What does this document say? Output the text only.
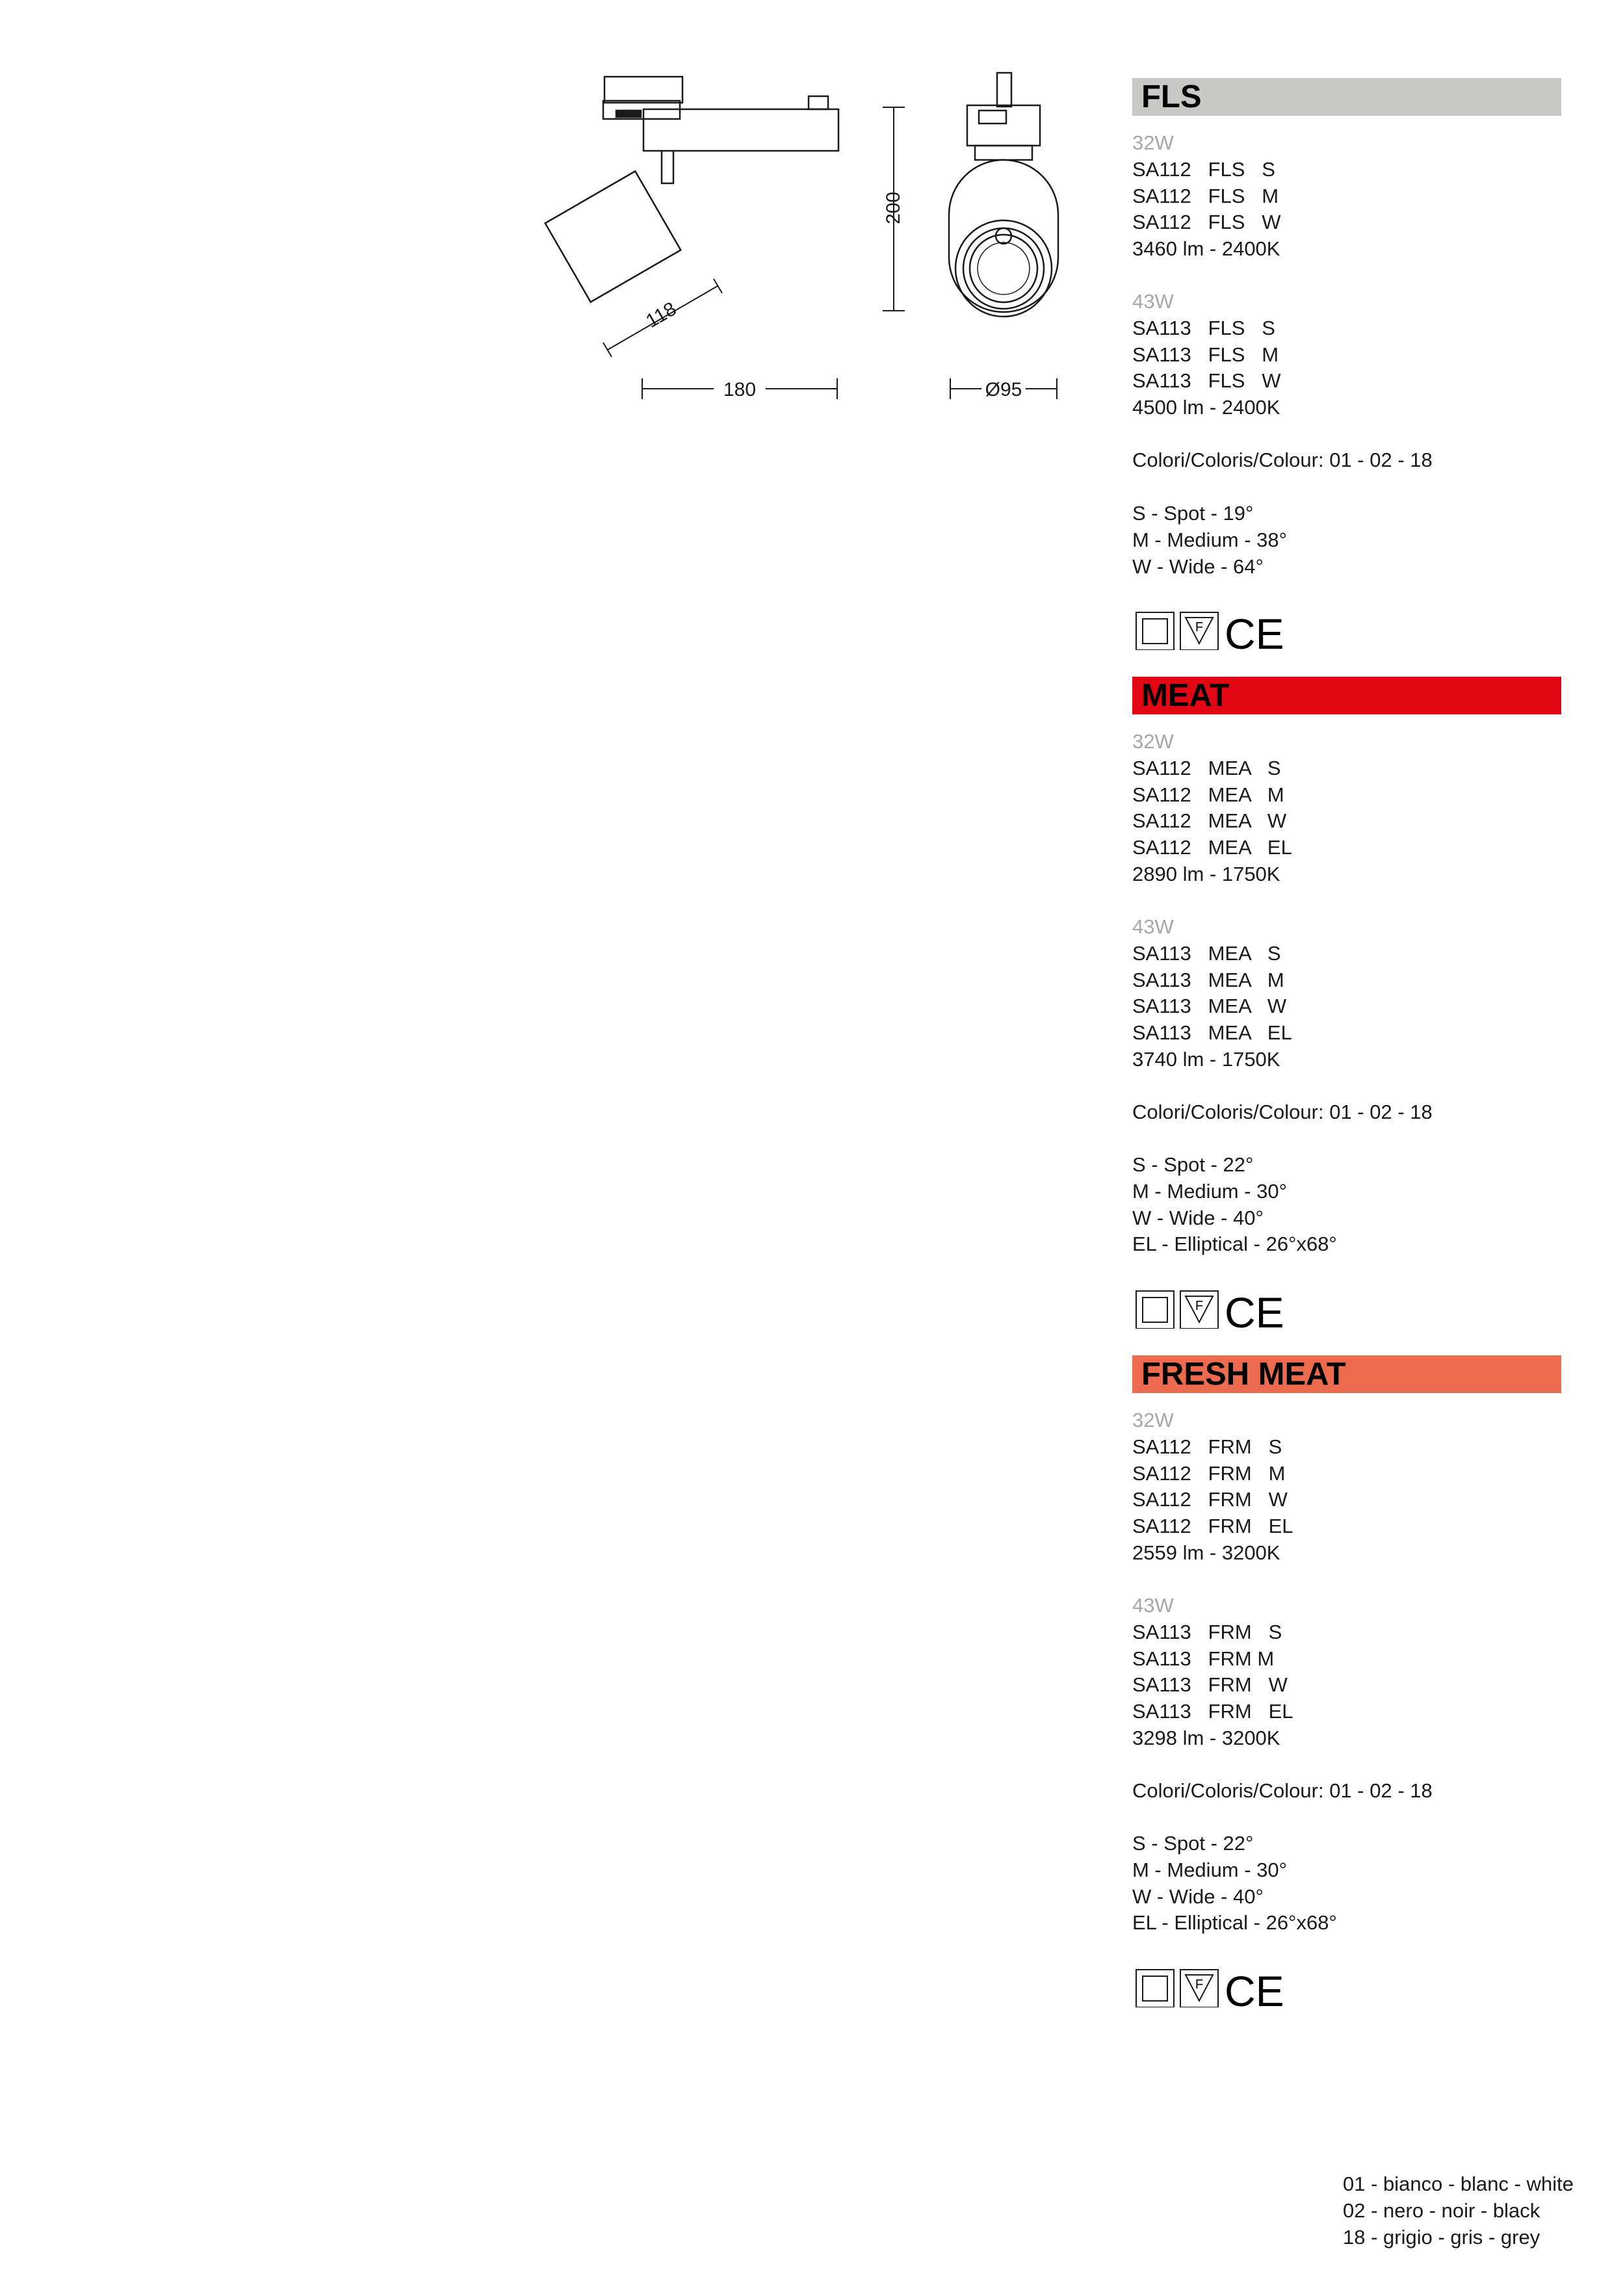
200
118
180	Ø95
FLS
32W
SA112   FLS   S
SA112   FLS   M
SA112   FLS   W
3460 lm - 2400K
43W
SA113   FLS   S
SA113   FLS   M
SA113   FLS   W
4500 lm - 2400K
Colori/Coloris/Colour: 01 - 02 - 18
S - Spot - 19°
M - Medium - 38°
W - Wide - 64°
F CE
MEAT
32W
SA112   MEA   S
SA112   MEA   M
SA112   MEA   W
SA112   MEA   EL
2890 lm - 1750K
43W
SA113   MEA   S
SA113   MEA   M
SA113   MEA   W
SA113   MEA   EL
3740 lm - 1750K
Colori/Coloris/Colour: 01 - 02 - 18
S - Spot - 22°
M - Medium - 30°
W - Wide - 40°
EL - Elliptical - 26°x68°
F CE
FRESH MEAT
32W
SA112   FRM   S
SA112   FRM   M
SA112   FRM   W
SA112   FRM   EL
2559 lm - 3200K
43W
SA113   FRM   S
SA113   FRM M
SA113   FRM   W
SA113   FRM   EL
3298 lm - 3200K
Colori/Coloris/Colour: 01 - 02 - 18
S - Spot - 22°
M - Medium - 30°
W - Wide - 40°
EL - Elliptical - 26°x68°
F CE
01 - bianco - blanc - white
02 - nero - noir - black
18 - grigio - gris - grey
